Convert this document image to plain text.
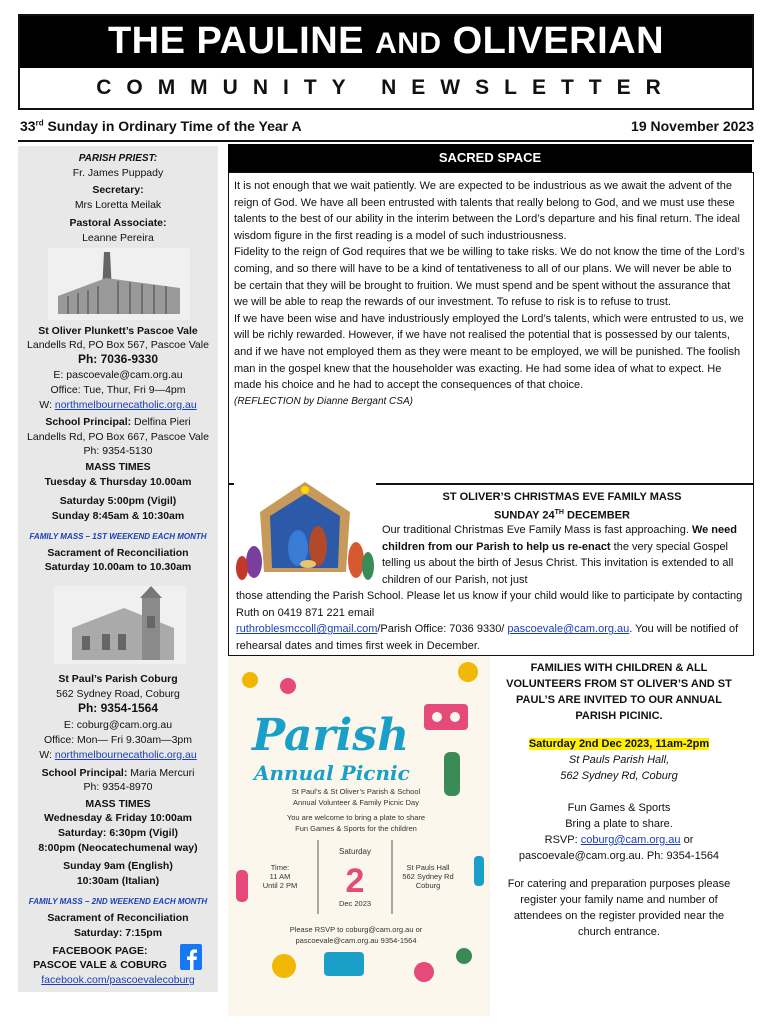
THE PAULINE AND OLIVERIAN
COMMUNITY NEWSLETTER
33rd Sunday in Ordinary Time of the Year A	19 November 2023
PARISH PRIEST:
Fr. James Puppady
Secretary:
Mrs Loretta Meilak
Pastoral Associate:
Leanne Pereira
St Oliver Plunkett’s Pascoe Vale
Landells Rd, PO Box 567, Pascoe Vale
Ph: 7036-9330
E: pascoevale@cam.org.au
Office: Tue, Thur, Fri 9—4pm
W: northmelbournecatholic.org.au
School Principal: Delfina Pieri
Landells Rd, PO Box 667, Pascoe Vale
Ph: 9354-5130
MASS TIMES
Tuesday & Thursday 10.00am
Saturday 5:00pm (Vigil)
Sunday 8:45am & 10:30am
FAMILY MASS – 1ST WEEKEND EACH MONTH
Sacrament of Reconciliation
Saturday 10.00am to 10.30am
St Paul’s Parish Coburg
562 Sydney Road, Coburg
Ph: 9354-1564
E: coburg@cam.org.au
Office: Mon— Fri 9.30am—3pm
W: northmelbournecatholic.org.au
School Principal: Maria Mercuri
Ph: 9354-8970
MASS TIMES
Wednesday & Friday 10:00am
Saturday: 6:30pm (Vigil)
8:00pm (Neocatechumenal way)
Sunday 9am (English)
10:30am (Italian)
FAMILY MASS – 2ND WEEKEND EACH MONTH
Sacrament of Reconciliation
Saturday: 7:15pm
FACEBOOK PAGE:
PASCOE VALE & COBURG
facebook.com/pascoevalecoburg
SACRED SPACE

It is not enough that we wait patiently. We are expected to be industrious as we await the advent of the reign of God. We have all been entrusted with talents that really belong to God, and we must use these talents to the best of our ability in the interim between the Lord’s departure and his final return. The ideal wisdom figure in the first reading is a model of such industriousness.

Fidelity to the reign of God requires that we be willing to take risks. We do not know the time of the Lord’s coming, and so there will have to be a kind of tentativeness to all of our plans. We will never be able to be certain that they will be brought to fruition. We must spend and be spent without the assurance that we will be able to reap the rewards of our investment. To refuse to risk is to refuse to trust.

If we have been wise and have industriously employed the Lord’s talents, which were entrusted to us, we will be richly rewarded. However, if we have not realised the potential that is possessed by our talents, and if we have not employed them as they were meant to be employed, we will be punished. The foolish man in the gospel knew that the householder was exacting. He had some idea of what to expect. He made his choice and he had to accept the consequences of that choice.

(REFLECTION by Dianne Bergant CSA)

ST OLIVER’S CHRISTMAS EVE FAMILY MASS
SUNDAY 24TH DECEMBER
Our traditional Christmas Eve Family Mass is fast approaching. We need children from our Parish to help us re-enact the very special Gospel telling us about the birth of Jesus Christ. This invitation is extended to all children of our Parish, not just
those attending the Parish School. Please let us know if your child would like to participate by contacting Ruth on 0419 871 221 email
ruthroblesmccoll@gmail.com/Parish Office: 7036 9330/ pascoevale@cam.org.au. You will be notified of rehearsal dates and times first week in December.
Parish
Annual Picnic
St Paul’s & St Oliver’s Parish & School
Annual Volunteer & Family Picnic Day
You are welcome to bring a plate to share
Fun Games & Sports for the children
Saturday
2
Dec 2023
Time:
11 AM
Until 2 PM
St Pauls Hall
562 Sydney Rd
Coburg
Please RSVP to coburg@cam.org.au or
pascoevale@cam.org.au 9354-1564
FAMILIES WITH CHILDREN & ALL VOLUNTEERS FROM ST OLIVER’S AND ST PAUL’S ARE INVITED TO OUR ANNUAL PARISH PICINIC.
Saturday 2nd Dec 2023, 11am-2pm
St Pauls Parish Hall,
562 Sydney Rd, Coburg
Fun Games & Sports
Bring a plate to share.
RSVP: coburg@cam.org.au or
pascoevale@cam.org.au. Ph: 9354-1564
For catering and preparation purposes please register your family name and number of attendees on the register provided near the church entrance.
